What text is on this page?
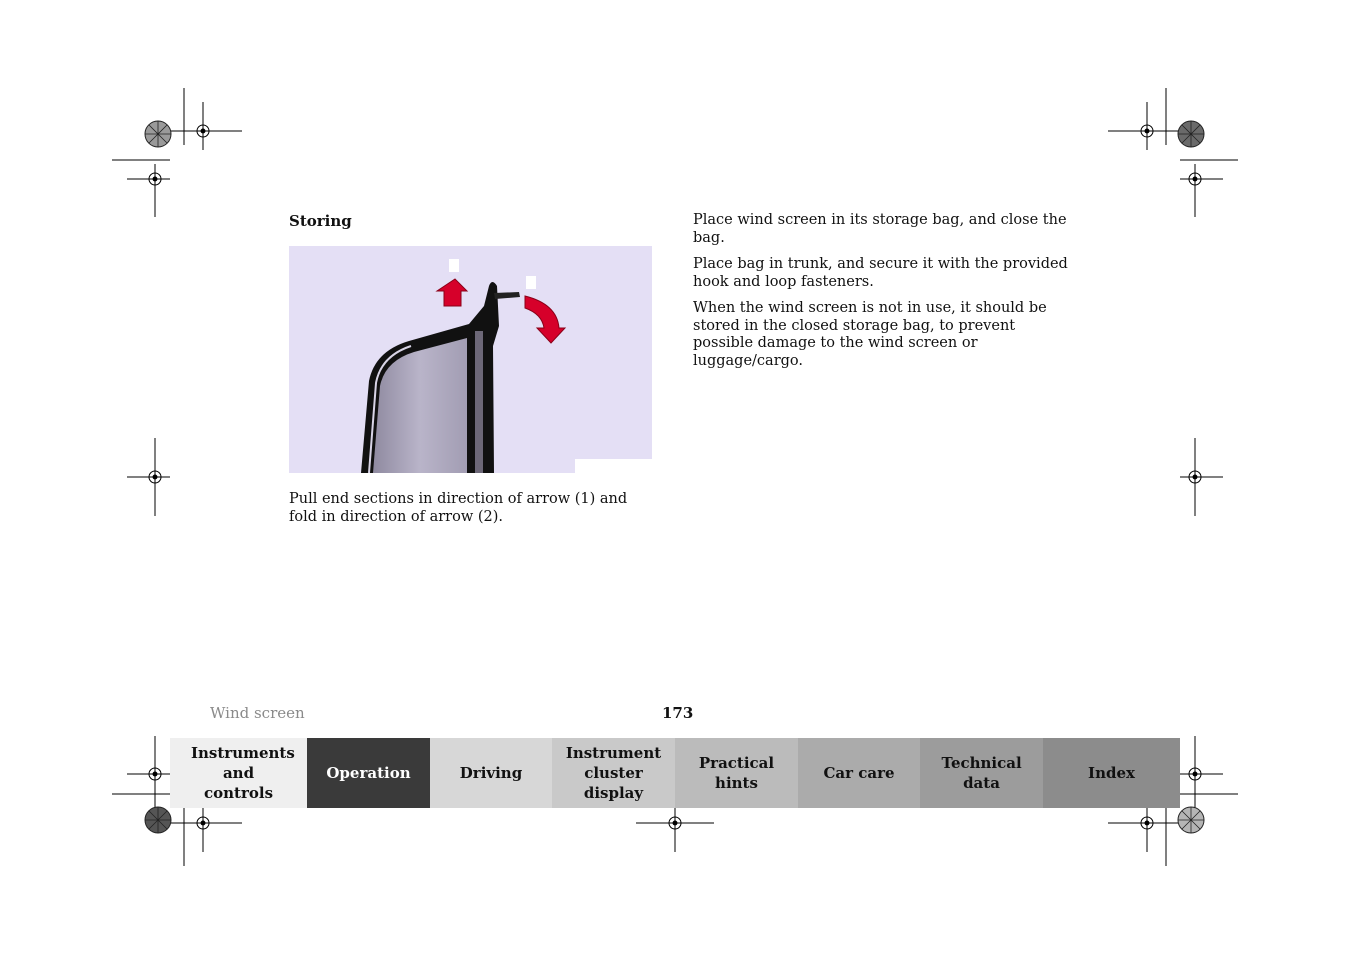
Storing
1
2
Pull end sections in direction of arrow (1) and fold in direction of arrow (2).

Place wind screen in its storage bag, and close the bag.

Place bag in trunk, and secure it with the provided hook and loop fasteners.

When the wind screen is not in use, it should be stored in the closed storage bag, to prevent possible damage to the wind screen or luggage/cargo.

Wind screen	173
Instruments and controls
Operation	Driving
Instrument cluster display
Practical hints
Car care
Technical data
Index
